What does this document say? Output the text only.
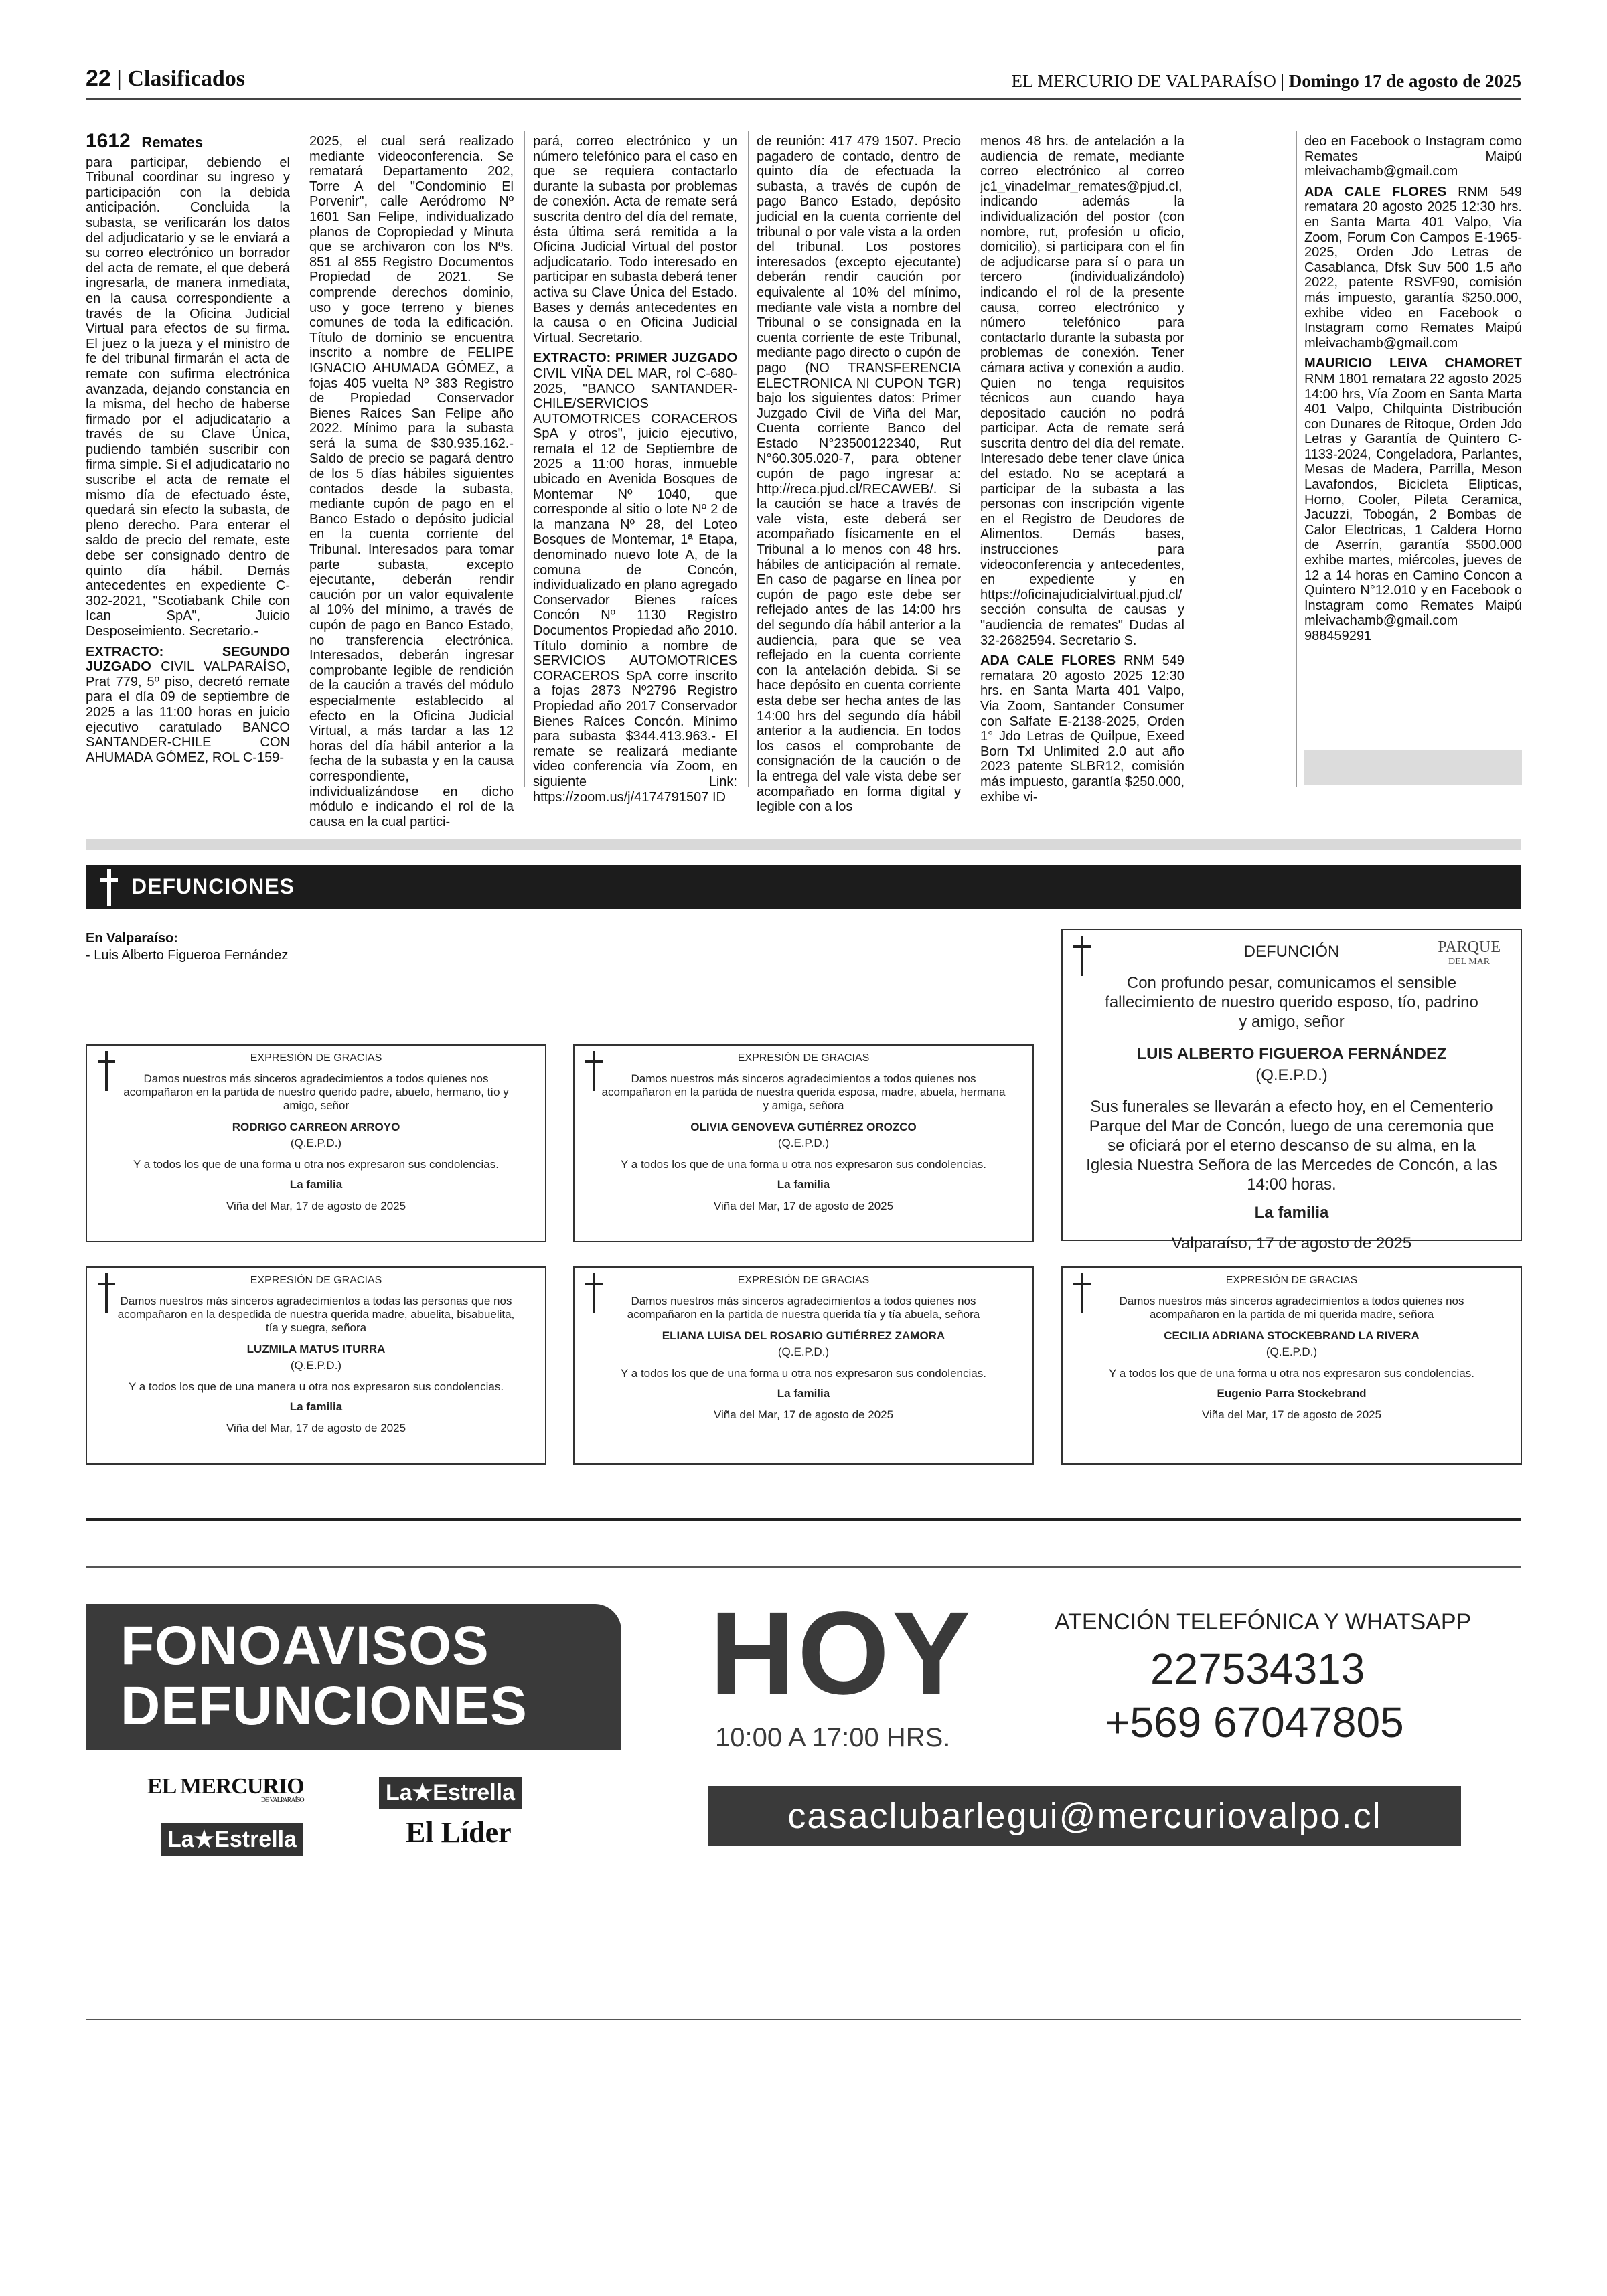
22 | Clasificados	EL MERCURIO DE VALPARAÍSO | Domingo 17 de agosto de 2025

1612 Remates

para participar, debiendo el Tribunal coordinar su ingreso y participación con la debida anticipación. Concluida la subasta, se verificarán los datos del adjudicatario y se le enviará a su correo electrónico un borrador del acta de remate, el que deberá ingresarla, de manera inmediata, en la causa correspondiente a través de la Oficina Judicial Virtual para efectos de su firma. El juez o la jueza y el ministro de fe del tribunal firmarán el acta de remate con sufirma electrónica avanzada, dejando constancia en la misma, del hecho de haberse firmado por el adjudicatario a través de su Clave Única, pudiendo también suscribir con firma simple. Si el adjudicatario no suscribe el acta de remate el mismo día de efectuado éste, quedará sin efecto la subasta, de pleno derecho. Para enterar el saldo de precio del remate, este debe ser consignado dentro de quinto día hábil. Demás antecedentes en expediente C-302-2021, "Scotiabank Chile con Ican SpA", Juicio Desposeimiento. Secretario.-

EXTRACTO: SEGUNDO JUZGADO CIVIL VALPARAÍSO, Prat 779, 5º piso, decretó remate para el día 09 de septiembre de 2025 a las 11:00 horas en juicio ejecutivo caratulado BANCO SANTANDER-CHILE CON AHUMADA GÓMEZ, ROL C-159-

2025, el cual será realizado mediante videoconferencia. Se rematará Departamento 202, Torre A del "Condominio El Porvenir", calle Aeródromo Nº 1601 San Felipe, individualizado planos de Copropiedad y Minuta que se archivaron con los Nºs. 851 al 855 Registro Documentos Propiedad de 2021. Se comprende derechos dominio, uso y goce terreno y bienes comunes de toda la edificación. Título de dominio se encuentra inscrito a nombre de FELIPE IGNACIO AHUMADA GÓMEZ, a fojas 405 vuelta Nº 383 Registro de Propiedad Conservador Bienes Raíces San Felipe año 2022. Mínimo para la subasta será la suma de $30.935.162.- Saldo de precio se pagará dentro de los 5 días hábiles siguientes contados desde la subasta, mediante cupón de pago en el Banco Estado o depósito judicial en la cuenta corriente del Tribunal. Interesados para tomar parte subasta, excepto ejecutante, deberán rendir caución por un valor equivalente al 10% del mínimo, a través de cupón de pago en Banco Estado, no transferencia electrónica. Interesados, deberán ingresar comprobante legible de rendición de la caución a través del módulo especialmente establecido al efecto en la Oficina Judicial Virtual, a más tardar a las 12 horas del día hábil anterior a la fecha de la subasta y en la causa correspondiente, individualizándose en dicho módulo e indicando el rol de la causa en la cual partici-

pará, correo electrónico y un número telefónico para el caso en que se requiera contactarlo durante la subasta por problemas de conexión. Acta de remate será suscrita dentro del día del remate, ésta última será remitida a la Oficina Judicial Virtual del postor adjudicatario. Todo interesado en participar en subasta deberá tener activa su Clave Única del Estado. Bases y demás antecedentes en la causa o en Oficina Judicial Virtual. Secretario.

EXTRACTO: PRIMER JUZGADO CIVIL VIÑA DEL MAR, rol C-680-2025, "BANCO SANTANDER-CHILE/SERVICIOS AUTOMOTRICES CORACEROS SpA y otros", juicio ejecutivo, remata el 12 de Septiembre de 2025 a 11:00 horas, inmueble ubicado en Avenida Bosques de Montemar Nº 1040, que corresponde al sitio o lote Nº 2 de la manzana Nº 28, del Loteo Bosques de Montemar, 1ª Etapa, denominado nuevo lote A, de la comuna de Concón, individualizado en plano agregado Conservador Bienes raíces Concón Nº 1130 Registro Documentos Propiedad año 2010. Título dominio a nombre de SERVICIOS AUTOMOTRICES CORACEROS SpA corre inscrito a fojas 2873 Nº2796 Registro Propiedad año 2017 Conservador Bienes Raíces Concón. Mínimo para subasta $344.413.963.- El remate se realizará mediante video conferencia vía Zoom, en siguiente Link: https://zoom.us/j/4174791507 ID

de reunión: 417 479 1507. Precio pagadero de contado, dentro de quinto día de efectuada la subasta, a través de cupón de pago Banco Estado, depósito judicial en la cuenta corriente del tribunal o por vale vista a la orden del tribunal. Los postores interesados (excepto ejecutante) deberán rendir caución por equivalente al 10% del mínimo, mediante vale vista a nombre del Tribunal o se consignada en la cuenta corriente de este Tribunal, mediante pago directo o cupón de pago (NO TRANSFERENCIA ELECTRONICA NI CUPON TGR) bajo los siguientes datos: Primer Juzgado Civil de Viña del Mar, Cuenta corriente Banco del Estado N°23500122340, Rut N°60.305.020-7, para obtener cupón de pago ingresar a: http://reca.pjud.cl/RECAWEB/. Si la caución se hace a través de vale vista, este deberá ser acompañado físicamente en el Tribunal a lo menos con 48 hrs. hábiles de anticipación al remate. En caso de pagarse en línea por cupón de pago este debe ser reflejado antes de las 14:00 hrs del segundo día hábil anterior a la audiencia, para que se vea reflejado en la cuenta corriente con la antelación debida. Si se hace depósito en cuenta corriente esta debe ser hecha antes de las 14:00 hrs del segundo día hábil anterior a la audiencia. En todos los casos el comprobante de consignación de la caución o de la entrega del vale vista debe ser acompañado en forma digital y legible con a los

menos 48 hrs. de antelación a la audiencia de remate, mediante correo electrónico al correo jc1_vinadelmar_remates@pjud.cl, indicando además la individualización del postor (con nombre, rut, profesión u oficio, domicilio), si participara con el fin de adjudicarse para sí o para un tercero (individualizándolo) indicando el rol de la presente causa, correo electrónico y número telefónico para contactarlo durante la subasta por problemas de conexión. Tener cámara activa y conexión a audio. Quien no tenga requisitos técnicos aun cuando haya depositado caución no podrá participar. Acta de remate será suscrita dentro del día del remate. Interesado debe tener clave única del estado. No se aceptará a participar de la subasta a las personas con inscripción vigente en el Registro de Deudores de Alimentos. Demás bases, instrucciones para videoconferencia y antecedentes, en expediente y en https://oficinajudicialvirtual.pjud.cl/ sección consulta de causas y "audiencia de remates" Dudas al 32-2682594. Secretario S.

ADA CALE FLORES RNM 549 rematara 20 agosto 2025 12:30 hrs. en Santa Marta 401 Valpo, Via Zoom, Santander Consumer con Salfate E-2138-2025, Orden 1° Jdo Letras de Quilpue, Exeed Born Txl Unlimited 2.0 aut año 2023 patente SLBR12, comisión más impuesto, garantía $250.000, exhibe vi-

deo en Facebook o Instagram como Remates Maipú mleivachamb@gmail.com

ADA CALE FLORES RNM 549 rematara 20 agosto 2025 12:30 hrs. en Santa Marta 401 Valpo, Via Zoom, Forum Con Campos E-1965-2025, Orden Jdo Letras de Casablanca, Dfsk Suv 500 1.5 año 2022, patente RSVF90, comisión más impuesto, garantía $250.000, exhibe video en Facebook o Instagram como Remates Maipú mleivachamb@gmail.com

MAURICIO LEIVA CHAMORET RNM 1801 rematara 22 agosto 2025 14:00 hrs, Vía Zoom en Santa Marta 401 Valpo, Chilquinta Distribución con Dunares de Ritoque, Orden Jdo Letras y Garantía de Quintero C-1133-2024, Congeladora, Parlantes, Mesas de Madera, Parrilla, Meson Lavafondos, Bicicleta Elipticas, Horno, Cooler, Pileta Ceramica, Jacuzzi, Tobogán, 2 Bombas de Calor Electricas, 1 Caldera Horno de Aserrín, garantía $500.000 exhibe martes, miércoles, jueves de 12 a 14 horas en Camino Concon a Quintero N°12.010 y en Facebook o Instagram como Remates Maipú mleivachamb@gmail.com 988459291

DEFUNCIONES
En Valparaíso:
- Luis Alberto Figueroa Fernández	PARQUE
DEL MAR
DEFUNCIÓN
Con profundo pesar, comunicamos el sensible fallecimiento de nuestro querido esposo, tío, padrino y amigo, señor
LUIS ALBERTO FIGUEROA FERNÁNDEZ
(Q.E.P.D.)
Sus funerales se llevarán a efecto hoy, en el Cementerio Parque del Mar de Concón, luego de una ceremonia que se oficiará por el eterno descanso de su alma, en la Iglesia Nuestra Señora de las Mercedes de Concón, a las 14:00 horas.
La familia
Valparaíso, 17 de agosto de 2025
EXPRESIÓN DE GRACIAS
Damos nuestros más sinceros agradecimientos a todos quienes nos acompañaron en la partida de nuestro querido padre, abuelo, hermano, tío y amigo, señor
RODRIGO CARREON ARROYO
(Q.E.P.D.)
Y a todos los que de una forma u otra nos expresaron sus condolencias.
La familia
Viña del Mar, 17 de agosto de 2025
EXPRESIÓN DE GRACIAS
Damos nuestros más sinceros agradecimientos a todos quienes nos acompañaron en la partida de nuestra querida esposa, madre, abuela, hermana y amiga, señora
OLIVIA GENOVEVA GUTIÉRREZ OROZCO
(Q.E.P.D.)
Y a todos los que de una forma u otra nos expresaron sus condolencias.
La familia
Viña del Mar, 17 de agosto de 2025
EXPRESIÓN DE GRACIAS
Damos nuestros más sinceros agradecimientos a todas las personas que nos acompañaron en la despedida de nuestra querida madre, abuelita, bisabuelita, tía y suegra, señora
LUZMILA MATUS ITURRA
(Q.E.P.D.)
Y a todos los que de una manera u otra nos expresaron sus condolencias.
La familia
Viña del Mar, 17 de agosto de 2025
EXPRESIÓN DE GRACIAS
Damos nuestros más sinceros agradecimientos a todos quienes nos acompañaron en la partida de nuestra querida tía y tía abuela, señora
ELIANA LUISA DEL ROSARIO GUTIÉRREZ ZAMORA
(Q.E.P.D.)
Y a todos los que de una forma u otra nos expresaron sus condolencias.
La familia
Viña del Mar, 17 de agosto de 2025
EXPRESIÓN DE GRACIAS
Damos nuestros más sinceros agradecimientos a todos quienes nos acompañaron en la partida de mi querida madre, señora
CECILIA ADRIANA STOCKEBRAND LA RIVERA
(Q.E.P.D.)
Y a todos los que de una forma u otra nos expresaron sus condolencias.
Eugenio Parra Stockebrand
Viña del Mar, 17 de agosto de 2025
FONOAVISOS
DEFUNCIONES	HOY
10:00 A 17:00 HRS.
ATENCIÓN TELEFÓNICA Y WHATSAPP
227534313
+569 67047805
casaclubarlegui@mercuriovalpo.cl
EL MERCURIO
DE VALPARAÍSO	La★Estrella
La★Estrella	El Líder
